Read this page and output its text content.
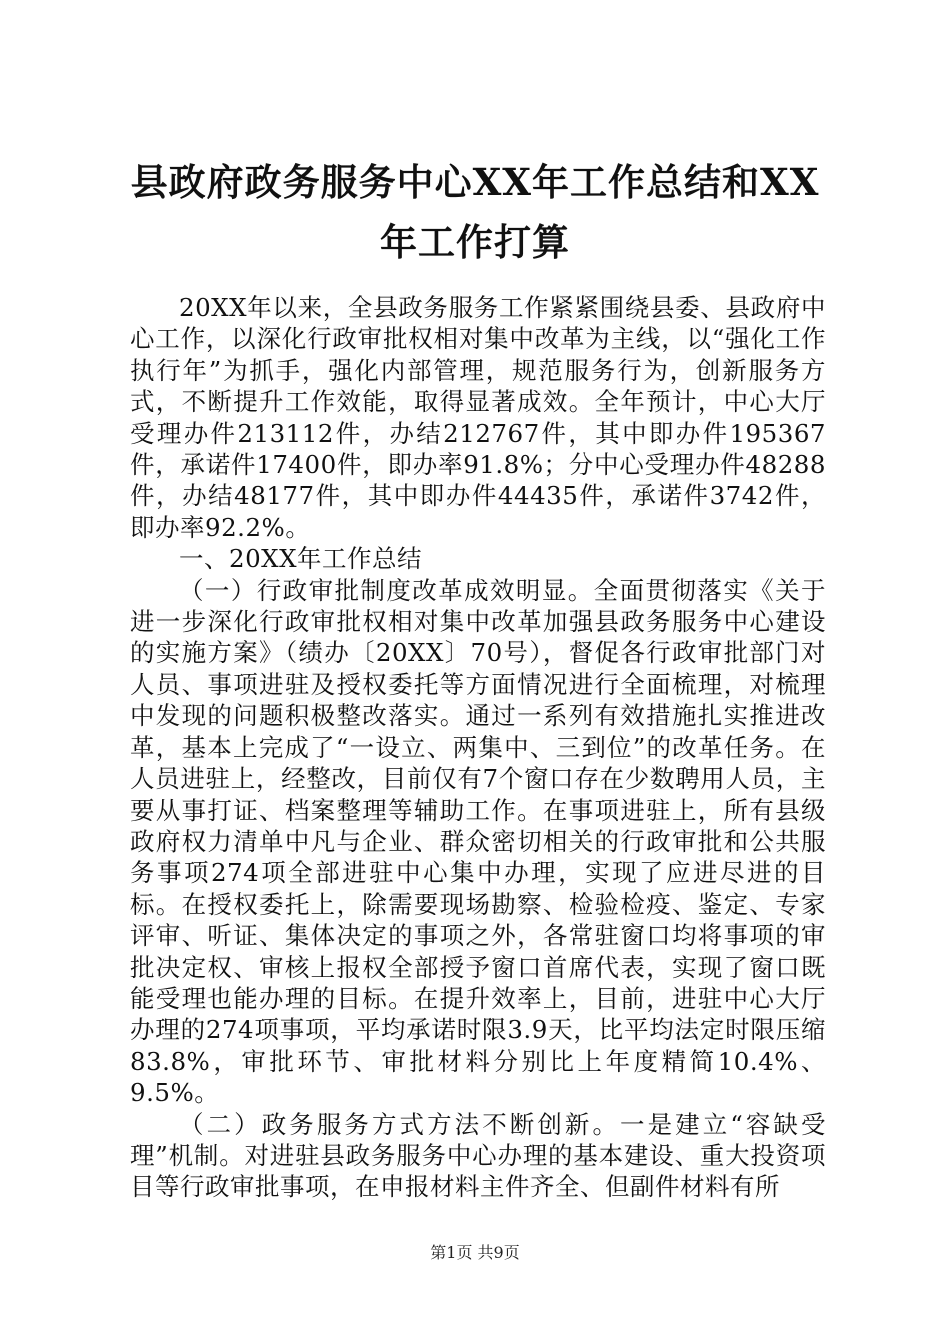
县政府政务服务中心XX年工作总结和XX年工作打算

20XX年以来，全县政务服务工作紧紧围绕县委、县政府中心工作，以深化行政审批权相对集中改革为主线，以“强化工作执行年”为抓手，强化内部管理，规范服务行为，创新服务方式，不断提升工作效能，取得显著成效。全年预计，中心大厅受理办件213112件，办结212767件，其中即办件195367件，承诺件17400件，即办率91.8%；分中心受理办件48288件，办结48177件，其中即办件44435件，承诺件3742件，即办率92.2%。

一、20XX年工作总结

（一）行政审批制度改革成效明显。全面贯彻落实《关于进一步深化行政审批权相对集中改革加强县政务服务中心建设的实施方案》（绩办〔20XX〕70号），督促各行政审批部门对人员、事项进驻及授权委托等方面情况进行全面梳理，对梳理中发现的问题积极整改落实。通过一系列有效措施扎实推进改革，基本上完成了“一设立、两集中、三到位”的改革任务。在人员进驻上，经整改，目前仅有7个窗口存在少数聘用人员，主要从事打证、档案整理等辅助工作。在事项进驻上，所有县级政府权力清单中凡与企业、群众密切相关的行政审批和公共服务事项274项全部进驻中心集中办理，实现了应进尽进的目标。在授权委托上，除需要现场勘察、检验检疫、鉴定、专家评审、听证、集体决定的事项之外，各常驻窗口均将事项的审批决定权、审核上报权全部授予窗口首席代表，实现了窗口既能受理也能办理的目标。在提升效率上，目前，进驻中心大厅办理的274项事项，平均承诺时限3.9天，比平均法定时限压缩83.8%，审批环节、审批材料分别比上年度精简10.4%、9.5%。

（二）政务服务方式方法不断创新。一是建立“容缺受理”机制。对进驻县政务服务中心办理的基本建设、重大投资项目等行政审批事项，在申报材料主件齐全、但副件材料有所

第1页 共9页
